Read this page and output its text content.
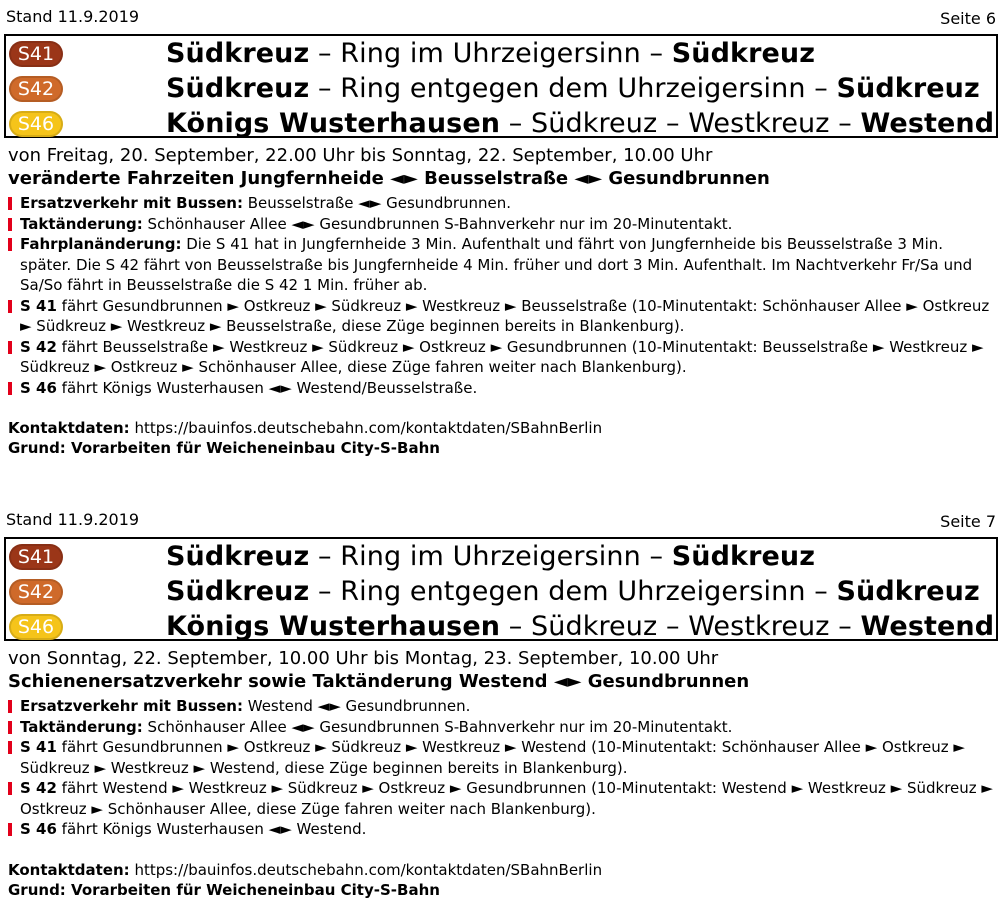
Stand 11.9.2019	Seite 6
S41	Südkreuz – Ring im Uhrzeigersinn – Südkreuz
S42	Südkreuz – Ring entgegen dem Uhrzeigersinn – Südkreuz
S46	Königs Wusterhausen – Südkreuz – Westkreuz – Westend
von Freitag, 20. September, 22.00 Uhr bis Sonntag, 22. September, 10.00 Uhr
veränderte Fahrzeiten Jungfernheide ◄► Beusselstraße ◄► Gesundbrunnen
Ersatzverkehr mit Bussen: Beusselstraße ◄► Gesundbrunnen.
Taktänderung: Schönhauser Allee ◄► Gesundbrunnen S-Bahnverkehr nur im 20-Minutentakt.
Fahrplanänderung: Die S 41 hat in Jungfernheide 3 Min. Aufenthalt und fährt von Jungfernheide bis Beusselstraße 3 Min. später. Die S 42 fährt von Beusselstraße bis Jungfernheide 4 Min. früher und dort 3 Min. Aufenthalt. Im Nachtverkehr Fr/Sa und Sa/So fährt in Beusselstraße die S 42 1 Min. früher ab.
S 41 fährt Gesundbrunnen ► Ostkreuz ► Südkreuz ► Westkreuz ► Beusselstraße (10-Minutentakt: Schönhauser Allee ► Ostkreuz ► Südkreuz ► Westkreuz ► Beusselstraße, diese Züge beginnen bereits in Blankenburg).
S 42 fährt Beusselstraße ► Westkreuz ► Südkreuz ► Ostkreuz ► Gesundbrunnen (10-Minutentakt: Beusselstraße ► Westkreuz ► Südkreuz ► Ostkreuz ► Schönhauser Allee, diese Züge fahren weiter nach Blankenburg).
S 46 fährt Königs Wusterhausen ◄► Westend/Beusselstraße.
Kontaktdaten: https://bauinfos.deutschebahn.com/kontaktdaten/SBahnBerlin
Grund: Vorarbeiten für Weicheneinbau City-S-Bahn
Stand 11.9.2019	Seite 7
S41	Südkreuz – Ring im Uhrzeigersinn – Südkreuz
S42	Südkreuz – Ring entgegen dem Uhrzeigersinn – Südkreuz
S46	Königs Wusterhausen – Südkreuz – Westkreuz – Westend
von Sonntag, 22. September, 10.00 Uhr bis Montag, 23. September, 10.00 Uhr
Schienenersatzverkehr sowie Taktänderung Westend ◄► Gesundbrunnen
Ersatzverkehr mit Bussen: Westend ◄► Gesundbrunnen.
Taktänderung: Schönhauser Allee ◄► Gesundbrunnen S-Bahnverkehr nur im 20-Minutentakt.
S 41 fährt Gesundbrunnen ► Ostkreuz ► Südkreuz ► Westkreuz ► Westend (10-Minutentakt: Schönhauser Allee ► Ostkreuz ► Südkreuz ► Westkreuz ► Westend, diese Züge beginnen bereits in Blankenburg).
S 42 fährt Westend ► Westkreuz ► Südkreuz ► Ostkreuz ► Gesundbrunnen (10-Minutentakt: Westend ► Westkreuz ► Südkreuz ► Ostkreuz ► Schönhauser Allee, diese Züge fahren weiter nach Blankenburg).
S 46 fährt Königs Wusterhausen ◄► Westend.
Kontaktdaten: https://bauinfos.deutschebahn.com/kontaktdaten/SBahnBerlin
Grund: Vorarbeiten für Weicheneinbau City-S-Bahn
